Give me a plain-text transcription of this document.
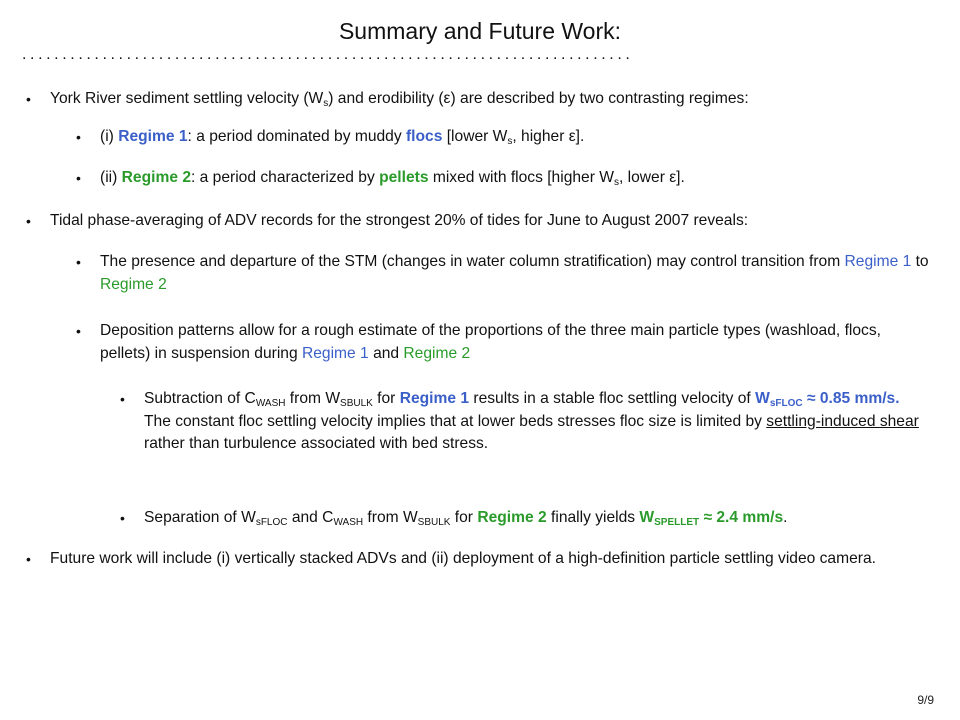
Summary and Future Work:
............................................................................
• York River sediment settling velocity $(W_s)$ and erodibility (ε) are described by two contrasting regimes:
• (i) Regime 1: a period dominated by muddy flocs [lower $W_s$, higher ε].
• (ii) Regime 2: a period characterized by pellets mixed with flocs [higher $W_s$, lower ε].
• Tidal phase-averaging of ADV records for the strongest 20% of tides for June to August 2007 reveals:
• The presence and departure of the STM (changes in water column stratification) may control transition from Regime 1 to Regime 2
• Deposition patterns allow for a rough estimate of the proportions of the three main particle types (washload, flocs, pellets) in suspension during Regime 1 and Regime 2
• Subtraction of $C_{WASH}$ from $W_{SBULK}$ for Regime 1 results in a stable floc settling velocity of $W_{sFLOC} \approx 0.85$ mm/s. The constant floc settling velocity implies that at lower beds stresses floc size is limited by settling-induced shear rather than turbulence associated with bed stress.
• Separation of $W_{sFLOC}$ and $C_{WASH}$ from $W_{SBULK}$ for Regime 2 finally yields $W_{SPELLET} \approx 2.4$ mm/s.
• Future work will include (i) vertically stacked ADVs and (ii) deployment of a high-definition particle settling video camera.
9/9
